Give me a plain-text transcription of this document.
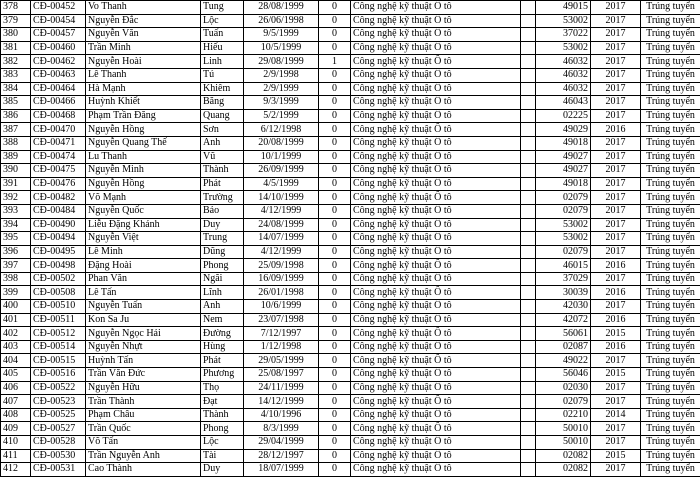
378	CĐ-00452	Vo Thanh	Tung	28/08/1999	0	Công nghệ kỹ thuật Ô tô		49015	2017	Trúng tuyển
379	CĐ-00454	Nguyễn Đắc	Lộc	26/06/1998	0	Công nghệ kỹ thuật Ô tô		53002	2017	Trúng tuyển
380	CĐ-00457	Nguyễn Văn	Tuấn	9/5/1999	0	Công nghệ kỹ thuật Ô tô		37022	2017	Trúng tuyển
381	CĐ-00460	Trần Minh	Hiếu	10/5/1999	0	Công nghệ kỹ thuật Ô tô		53002	2017	Trúng tuyển
382	CĐ-00462	Nguyễn Hoài	Linh	29/08/1999	1	Công nghệ kỹ thuật Ô tô		46032	2017	Trúng tuyển
383	CĐ-00463	Lê Thanh	Tú	2/9/1998	0	Công nghệ kỹ thuật Ô tô		46032	2017	Trúng tuyển
384	CĐ-00464	Hà Mạnh	Khiêm	2/9/1999	0	Công nghệ kỹ thuật Ô tô		46032	2017	Trúng tuyển
385	CĐ-00466	Huỳnh Khiết	Băng	9/3/1999	0	Công nghệ kỹ thuật Ô tô		46043	2017	Trúng tuyển
386	CĐ-00468	Phạm Trần Đăng	Quang	5/2/1999	0	Công nghệ kỹ thuật Ô tô		02225	2017	Trúng tuyển
387	CĐ-00470	Nguyễn Hồng	Sơn	6/12/1998	0	Công nghệ kỹ thuật Ô tô		49029	2016	Trúng tuyển
388	CĐ-00471	Nguyễn Quang Thế	Anh	20/08/1999	0	Công nghệ kỹ thuật Ô tô		49018	2017	Trúng tuyển
389	CĐ-00474	Lu Thanh	Vũ	10/1/1999	0	Công nghệ kỹ thuật Ô tô		49027	2017	Trúng tuyển
390	CĐ-00475	Nguyễn Minh	Thành	26/09/1999	0	Công nghệ kỹ thuật Ô tô		49027	2017	Trúng tuyển
391	CĐ-00476	Nguyễn Hồng	Phát	4/5/1999	0	Công nghệ kỹ thuật Ô tô		49018	2017	Trúng tuyển
392	CĐ-00482	Võ Mạnh	Trường	14/10/1999	0	Công nghệ kỹ thuật Ô tô		02079	2017	Trúng tuyển
393	CĐ-00484	Nguyễn Quốc	Bảo	4/12/1999	0	Công nghệ kỹ thuật Ô tô		02079	2017	Trúng tuyển
394	CĐ-00490	Liễu Đặng Khánh	Duy	24/08/1999	0	Công nghệ kỹ thuật Ô tô		53002	2017	Trúng tuyển
395	CĐ-00494	Nguyễn Việt	Trung	14/07/1999	0	Công nghệ kỹ thuật Ô tô		53002	2017	Trúng tuyển
396	CĐ-00495	Lê Minh	Dũng	4/12/1999	0	Công nghệ kỹ thuật Ô tô		02079	2017	Trúng tuyển
397	CĐ-00498	Đặng Hoài	Phong	25/09/1998	0	Công nghệ kỹ thuật Ô tô		46015	2016	Trúng tuyển
398	CĐ-00502	Phan Văn	Ngãi	16/09/1999	0	Công nghệ kỹ thuật Ô tô		37029	2017	Trúng tuyển
399	CĐ-00508	Lê Tấn	Lĩnh	26/01/1998	0	Công nghệ kỹ thuật Ô tô		30039	2016	Trúng tuyển
400	CĐ-00510	Nguyễn Tuấn	Anh	10/6/1999	0	Công nghệ kỹ thuật Ô tô		42030	2017	Trúng tuyển
401	CĐ-00511	Kon Sa Ju	Nem	23/07/1998	0	Công nghệ kỹ thuật Ô tô		42072	2016	Trúng tuyển
402	CĐ-00512	Nguyễn Ngọc Hải	Đường	7/12/1997	0	Công nghệ kỹ thuật Ô tô		56061	2015	Trúng tuyển
403	CĐ-00514	Nguyễn Nhựt	Hùng	1/12/1998	0	Công nghệ kỹ thuật Ô tô		02087	2016	Trúng tuyển
404	CĐ-00515	Huỳnh Tấn	Phát	29/05/1999	0	Công nghệ kỹ thuật Ô tô		49022	2017	Trúng tuyển
405	CĐ-00516	Trần Văn Đức	Phương	25/08/1997	0	Công nghệ kỹ thuật Ô tô		56046	2015	Trúng tuyển
406	CĐ-00522	Nguyễn Hữu	Thọ	24/11/1999	0	Công nghệ kỹ thuật Ô tô		02030	2017	Trúng tuyển
407	CĐ-00523	Trần Thành	Đạt	14/12/1999	0	Công nghệ kỹ thuật Ô tô		02079	2017	Trúng tuyển
408	CĐ-00525	Phạm Châu	Thành	4/10/1996	0	Công nghệ kỹ thuật Ô tô		02210	2014	Trúng tuyển
409	CĐ-00527	Trần Quốc	Phong	8/3/1999	0	Công nghệ kỹ thuật Ô tô		50010	2017	Trúng tuyển
410	CĐ-00528	Võ Tấn	Lộc	29/04/1999	0	Công nghệ kỹ thuật Ô tô		50010	2017	Trúng tuyển
411	CĐ-00530	Trần Nguyễn Anh	Tài	28/12/1997	0	Công nghệ kỹ thuật Ô tô		02082	2015	Trúng tuyển
412	CĐ-00531	Cao Thành	Duy	18/07/1999	0	Công nghệ kỹ thuật Ô tô		02082	2017	Trúng tuyển
